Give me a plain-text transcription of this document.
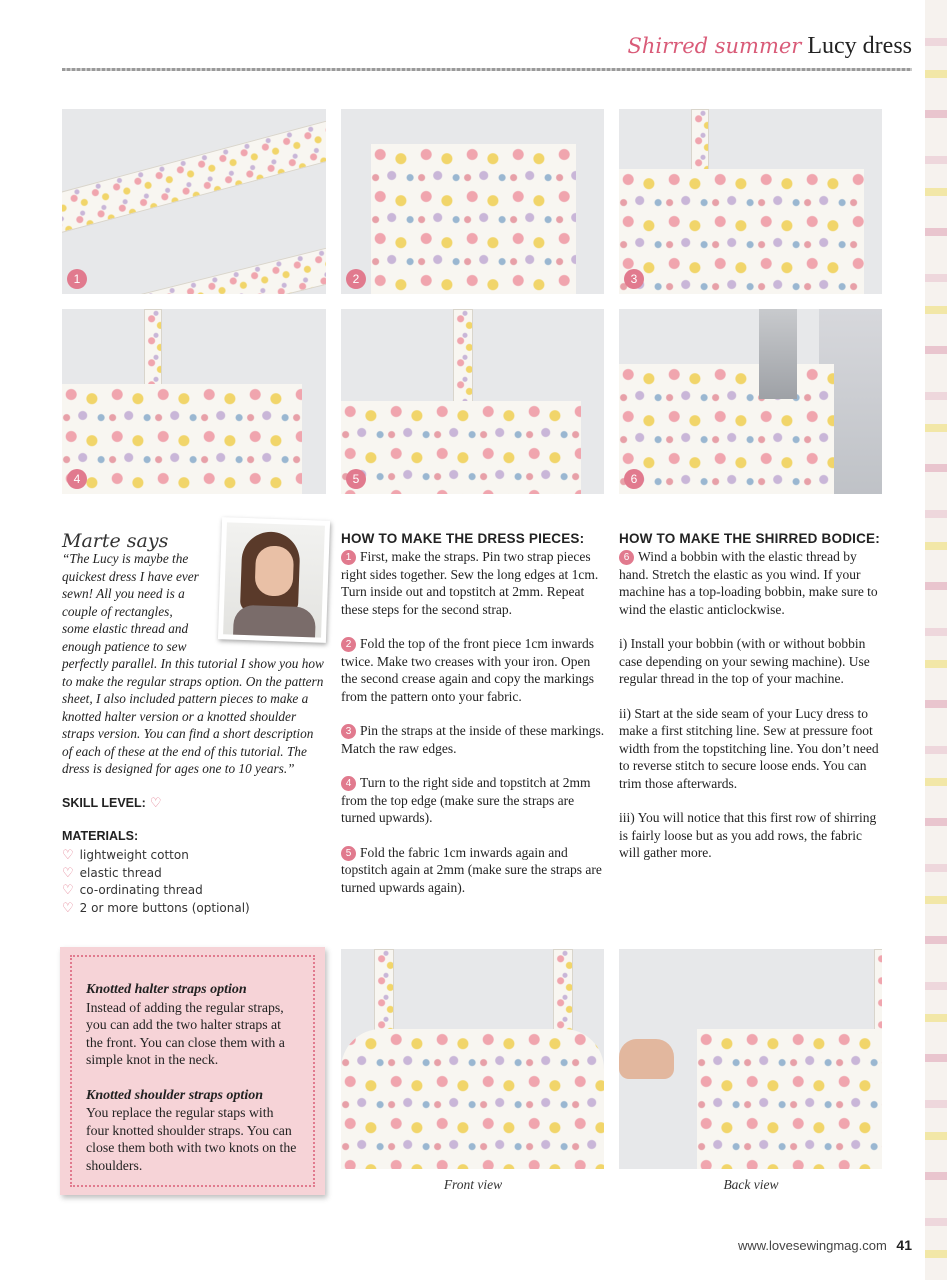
Shirred summer Lucy dress
1	2	3
4	5	6
Marte says
“The Lucy is maybe the quickest dress I have ever sewn! All you need is a couple of rectangles, some elastic thread and enough patience to sew perfectly parallel. In this tutorial I show you how to make the regular straps option. On the pattern sheet, I also included pattern pieces to make a knotted halter version or a knotted shoulder straps version. You can find a short description of each of these at the end of this tutorial. The dress is designed for ages one to 10 years.”
SKILL LEVEL: ♡
MATERIALS:
♡ lightweight cotton
♡ elastic thread
♡ co-ordinating thread
♡ 2 or more buttons (optional)
HOW TO MAKE THE DRESS PIECES:

1 First, make the straps. Pin two strap pieces right sides together. Sew the long edges at 1cm. Turn inside out and topstitch at 2mm. Repeat these steps for the second strap.

2 Fold the top of the front piece 1cm inwards twice. Make two creases with your iron. Open the second crease again and copy the markings from the pattern onto your fabric.

3 Pin the straps at the inside of these markings. Match the raw edges.

4 Turn to the right side and topstitch at 2mm from the top edge (make sure the straps are turned upwards).

5 Fold the fabric 1cm inwards again and topstitch again at 2mm (make sure the straps are turned upwards again).

HOW TO MAKE THE SHIRRED BODICE:

6 Wind a bobbin with the elastic thread by hand. Stretch the elastic as you wind. If your machine has a top-loading bobbin, make sure to wind the elastic anticlockwise.

i) Install your bobbin (with or without bobbin case depending on your sewing machine). Use regular thread in the top of your machine.

ii) Start at the side seam of your Lucy dress to make a first stitching line. Sew at pressure foot width from the topstitching line. You don’t need to reverse stitch to secure loose ends. You can trim those afterwards.

iii) You will notice that this first row of shirring is fairly loose but as you add rows, the fabric will gather more.

Knotted halter straps option

Instead of adding the regular straps, you can add the two halter straps at the front. You can close them with a simple knot in the neck.

Knotted shoulder straps option

You replace the regular staps with four knotted shoulder straps. You can close them both with two knots on the shoulders.

Front view	Back view
www.lovesewingmag.com 41
